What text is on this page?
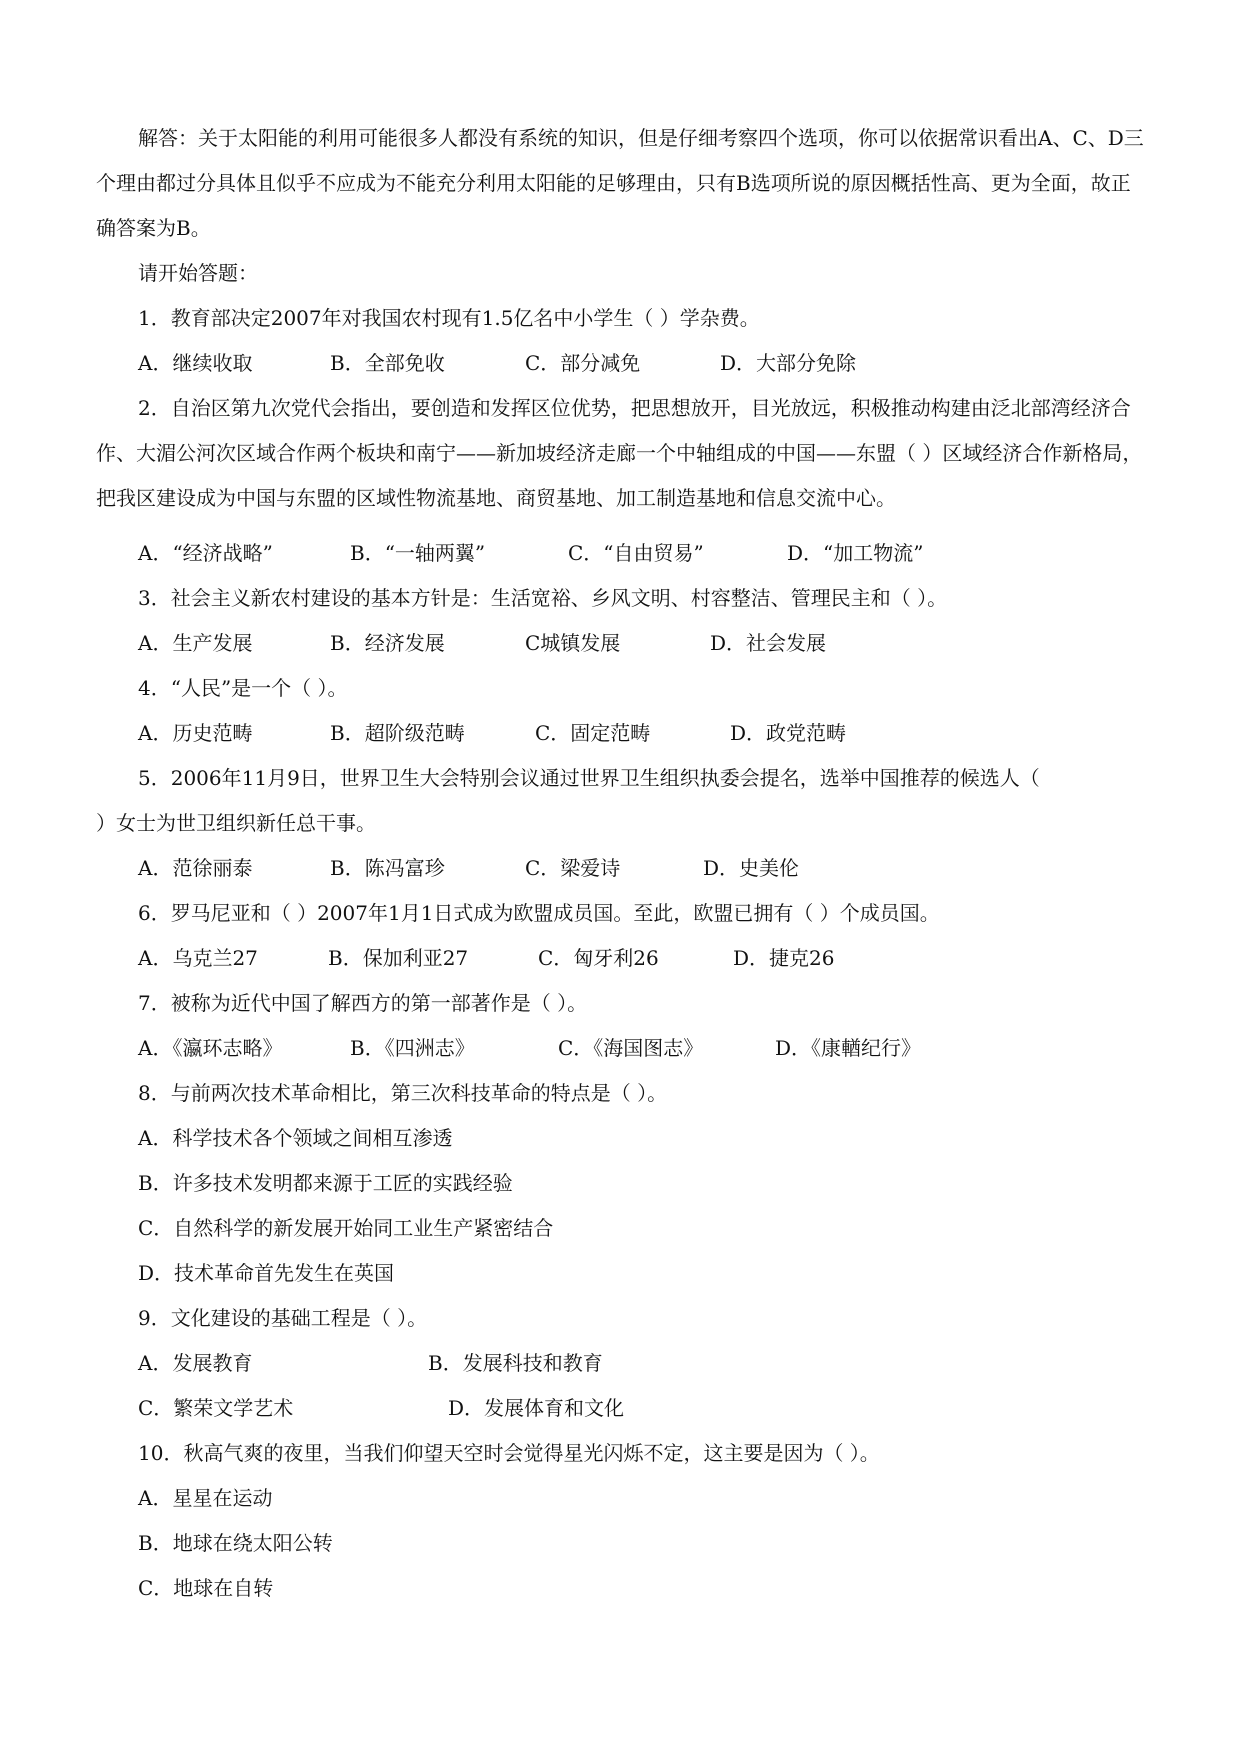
解答：关于太阳能的利用可能很多人都没有系统的知识，但是仔细考察四个选项，你可以依据常识看出A、C、D三个理由都过分具体且似乎不应成为不能充分利用太阳能的足够理由，只有B选项所说的原因概括性高、更为全面，故正确答案为B。
请开始答题：
1．教育部决定2007年对我国农村现有1.5亿名中小学生（ ）学杂费。
A．继续收取	B．全部免收	C．部分减免	D．大部分免除
2．自治区第九次党代会指出，要创造和发挥区位优势，把思想放开，目光放远，积极推动构建由泛北部湾经济合作、大湄公河次区域合作两个板块和南宁——新加坡经济走廊一个中轴组成的中国——东盟（ ）区域经济合作新格局，把我区建设成为中国与东盟的区域性物流基地、商贸基地、加工制造基地和信息交流中心。
A．“经济战略”	B．“一轴两翼”	C．“自由贸易”	D．“加工物流”
3．社会主义新农村建设的基本方针是：生活宽裕、乡风文明、村容整洁、管理民主和（ ）。
A．生产发展	B．经济发展	C城镇发展	D．社会发展
4．“人民”是一个（ ）。
A．历史范畴	B．超阶级范畴	C．固定范畴	D．政党范畴
5．2006年11月9日，世界卫生大会特别会议通过世界卫生组织执委会提名，选举中国推荐的候选人（
）女士为世卫组织新任总干事。
A．范徐丽泰	B．陈冯富珍	C．梁爱诗	D．史美伦
6．罗马尼亚和（ ）2007年1月1日式成为欧盟成员国。至此，欧盟已拥有（ ）个成员国。
A．乌克兰27	B．保加利亚27	C．匈牙利26	D．捷克26
7．被称为近代中国了解西方的第一部著作是（ ）。
A．《瀛环志略》	B．《四洲志》	C．《海国图志》	D．《康輶纪行》
8．与前两次技术革命相比，第三次科技革命的特点是（ ）。
A．科学技术各个领域之间相互渗透
B．许多技术发明都来源于工匠的实践经验
C．自然科学的新发展开始同工业生产紧密结合
D．技术革命首先发生在英国
9．文化建设的基础工程是（ ）。
A．发展教育	B．发展科技和教育
C．繁荣文学艺术	D．发展体育和文化
10．秋高气爽的夜里，当我们仰望天空时会觉得星光闪烁不定，这主要是因为（ ）。
A．星星在运动
B．地球在绕太阳公转
C．地球在自转
